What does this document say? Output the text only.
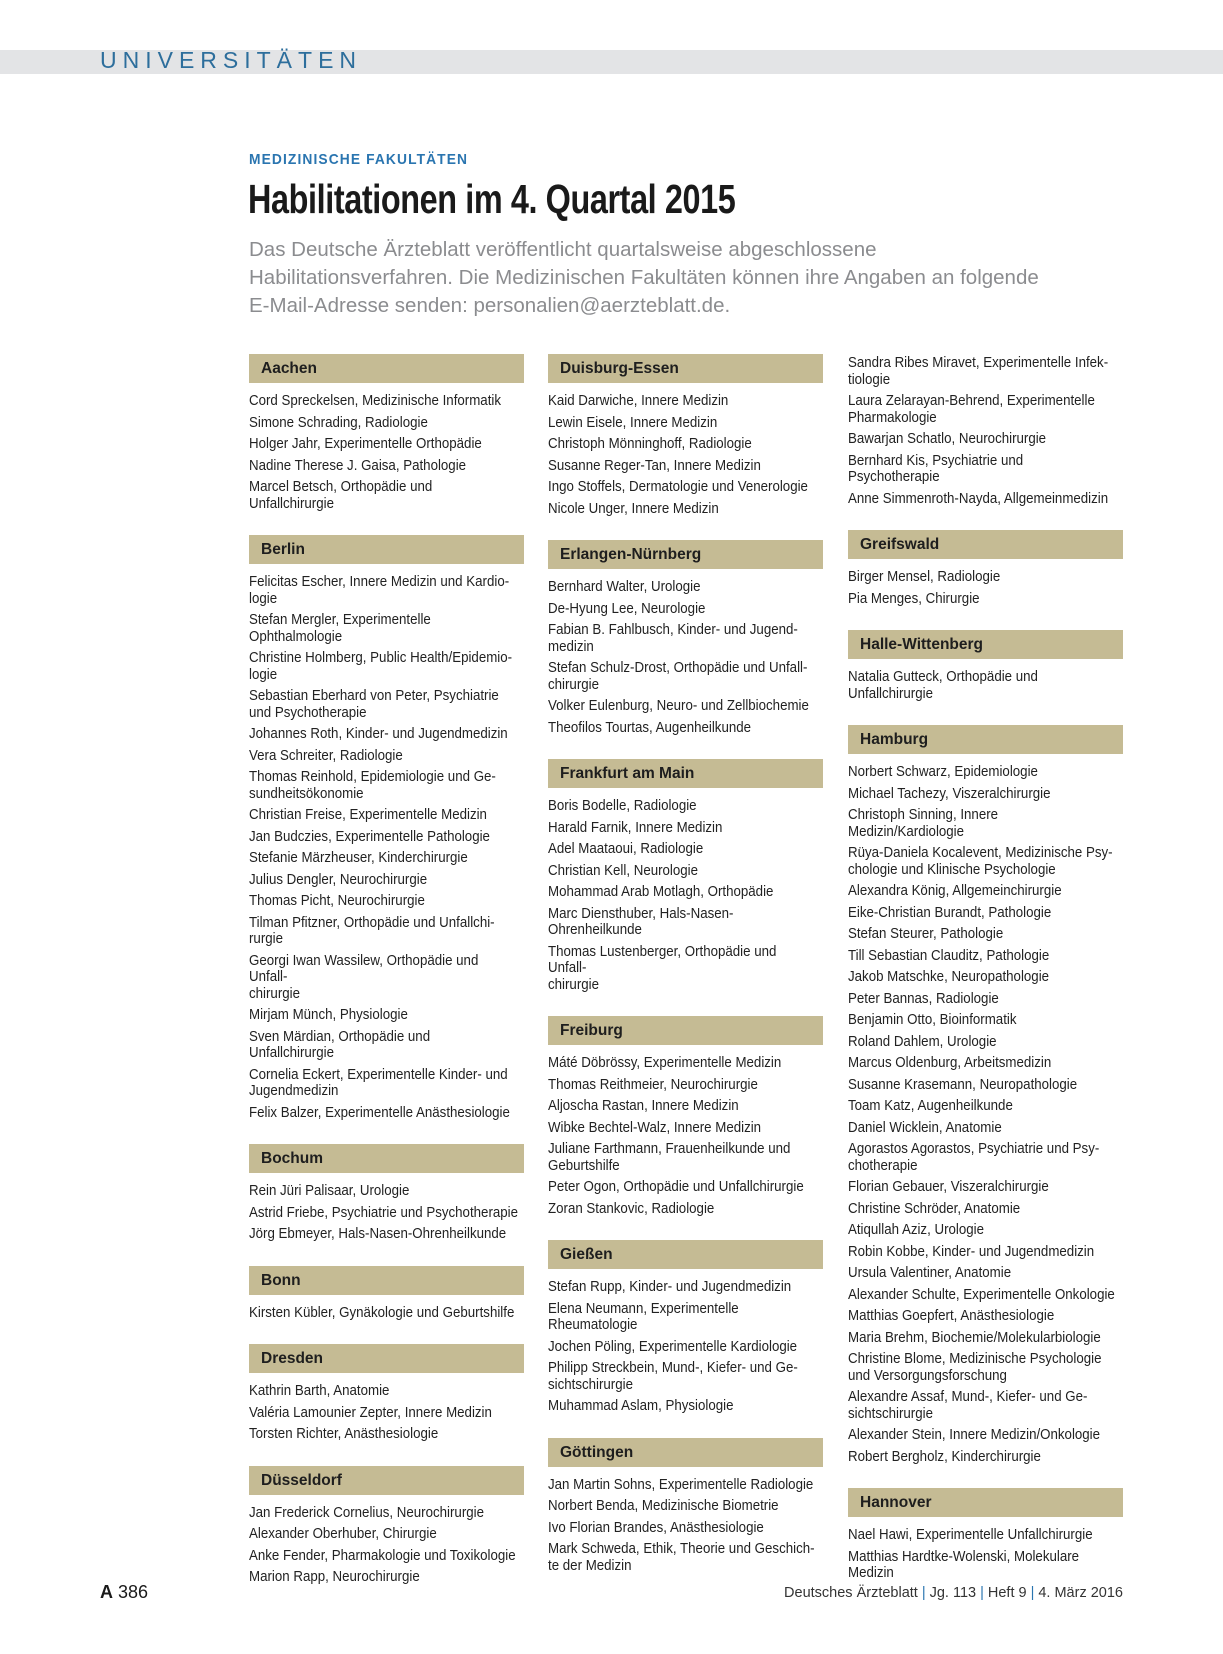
UNIVERSITÄTEN
MEDIZINISCHE FAKULTÄTEN
Habilitationen im 4. Quartal 2015
Das Deutsche Ärzteblatt veröffentlicht quartalsweise abgeschlossene Habilitationsverfahren. Die Medizinischen Fakultäten können ihre Angaben an folgende E-Mail-Adresse senden: personalien@aerzteblatt.de.
Aachen
Cord Spreckelsen, Medizinische Informatik
Simone Schrading, Radiologie
Holger Jahr, Experimentelle Orthopädie
Nadine Therese J. Gaisa, Pathologie
Marcel Betsch, Orthopädie und Unfallchirurgie
Berlin
Felicitas Escher, Innere Medizin und Kardio-
logie
Stefan Mergler, Experimentelle Ophthalmologie
Christine Holmberg, Public Health/Epidemio-
logie
Sebastian Eberhard von Peter, Psychiatrie
und Psychotherapie
Johannes Roth, Kinder- und Jugendmedizin
Vera Schreiter, Radiologie
Thomas Reinhold, Epidemiologie und Ge-
sundheitsökonomie
Christian Freise, Experimentelle Medizin
Jan Budczies, Experimentelle Pathologie
Stefanie Märzheuser, Kinderchirurgie
Julius Dengler, Neurochirurgie
Thomas Picht, Neurochirurgie
Tilman Pfitzner, Orthopädie und Unfallchi-
rurgie
Georgi Iwan Wassilew, Orthopädie und Unfall-
chirurgie
Mirjam Münch, Physiologie
Sven Märdian, Orthopädie und Unfallchirurgie
Cornelia Eckert, Experimentelle Kinder- und
Jugendmedizin
Felix Balzer, Experimentelle Anästhesiologie
Bochum
Rein Jüri Palisaar, Urologie
Astrid Friebe, Psychiatrie und Psychotherapie
Jörg Ebmeyer, Hals-Nasen-Ohrenheilkunde
Bonn
Kirsten Kübler, Gynäkologie und Geburtshilfe
Dresden
Kathrin Barth, Anatomie
Valéria Lamounier Zepter, Innere Medizin
Torsten Richter, Anästhesiologie
Düsseldorf
Jan Frederick Cornelius, Neurochirurgie
Alexander Oberhuber, Chirurgie
Anke Fender, Pharmakologie und Toxikologie
Marion Rapp, Neurochirurgie
Duisburg-Essen
Kaid Darwiche, Innere Medizin
Lewin Eisele, Innere Medizin
Christoph Mönninghoff, Radiologie
Susanne Reger-Tan, Innere Medizin
Ingo Stoffels, Dermatologie und Venerologie
Nicole Unger, Innere Medizin
Erlangen-Nürnberg
Bernhard Walter, Urologie
De-Hyung Lee, Neurologie
Fabian B. Fahlbusch, Kinder- und Jugend-
medizin
Stefan Schulz-Drost, Orthopädie und Unfall-
chirurgie
Volker Eulenburg, Neuro- und Zellbiochemie
Theofilos Tourtas, Augenheilkunde
Frankfurt am Main
Boris Bodelle, Radiologie
Harald Farnik, Innere Medizin
Adel Maataoui, Radiologie
Christian Kell, Neurologie
Mohammad Arab Motlagh, Orthopädie
Marc Diensthuber, Hals-Nasen-Ohrenheilkunde
Thomas Lustenberger, Orthopädie und Unfall-
chirurgie
Freiburg
Máté Döbrössy, Experimentelle Medizin
Thomas Reithmeier, Neurochirurgie
Aljoscha Rastan, Innere Medizin
Wibke Bechtel-Walz, Innere Medizin
Juliane Farthmann, Frauenheilkunde und
Geburtshilfe
Peter Ogon, Orthopädie und Unfallchirurgie
Zoran Stankovic, Radiologie
Gießen
Stefan Rupp, Kinder- und Jugendmedizin
Elena Neumann, Experimentelle Rheumatologie
Jochen Pöling, Experimentelle Kardiologie
Philipp Streckbein, Mund-, Kiefer- und Ge-
sichtschirurgie
Muhammad Aslam, Physiologie
Göttingen
Jan Martin Sohns, Experimentelle Radiologie
Norbert Benda, Medizinische Biometrie
Ivo Florian Brandes, Anästhesiologie
Mark Schweda, Ethik, Theorie und Geschich-
te der Medizin
Sandra Ribes Miravet, Experimentelle Infek-
tiologie
Laura Zelarayan-Behrend, Experimentelle
Pharmakologie
Bawarjan Schatlo, Neurochirurgie
Bernhard Kis, Psychiatrie und Psychotherapie
Anne Simmenroth-Nayda, Allgemeinmedizin
Greifswald
Birger Mensel, Radiologie
Pia Menges, Chirurgie
Halle-Wittenberg
Natalia Gutteck, Orthopädie und Unfallchirurgie
Hamburg
Norbert Schwarz, Epidemiologie
Michael Tachezy, Viszeralchirurgie
Christoph Sinning, Innere Medizin/Kardiologie
Rüya-Daniela Kocalevent, Medizinische Psy-
chologie und Klinische Psychologie
Alexandra König, Allgemeinchirurgie
Eike-Christian Burandt, Pathologie
Stefan Steurer, Pathologie
Till Sebastian Clauditz, Pathologie
Jakob Matschke, Neuropathologie
Peter Bannas, Radiologie
Benjamin Otto, Bioinformatik
Roland Dahlem, Urologie
Marcus Oldenburg, Arbeitsmedizin
Susanne Krasemann, Neuropathologie
Toam Katz, Augenheilkunde
Daniel Wicklein, Anatomie
Agorastos Agorastos, Psychiatrie und Psy-
chotherapie
Florian Gebauer, Viszeralchirurgie
Christine Schröder, Anatomie
Atiqullah Aziz, Urologie
Robin Kobbe, Kinder- und Jugendmedizin
Ursula Valentiner, Anatomie
Alexander Schulte, Experimentelle Onkologie
Matthias Goepfert, Anästhesiologie
Maria Brehm, Biochemie/Molekularbiologie
Christine Blome, Medizinische Psychologie
und Versorgungsforschung
Alexandre Assaf, Mund-, Kiefer- und Ge-
sichtschirurgie
Alexander Stein, Innere Medizin/Onkologie
Robert Bergholz, Kinderchirurgie
Hannover
Nael Hawi, Experimentelle Unfallchirurgie
Matthias Hardtke-Wolenski, Molekulare Medizin
A 386	Deutsches Ärzteblatt | Jg. 113 | Heft 9 | 4. März 2016
